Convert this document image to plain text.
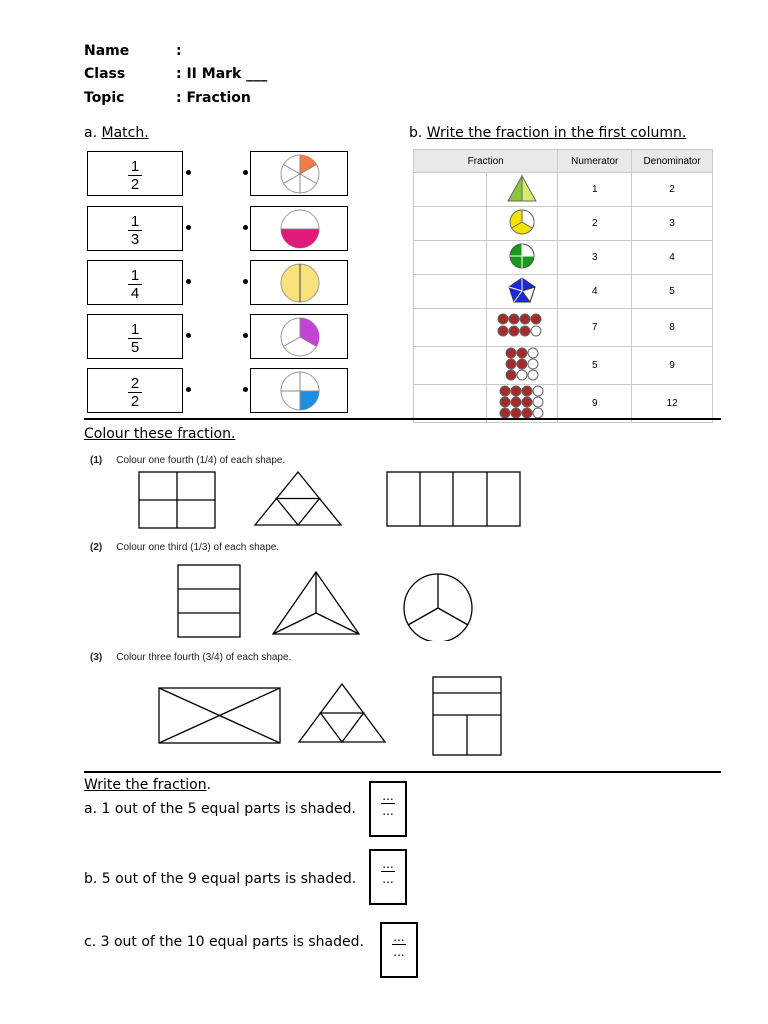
Name	:
Class	: II Mark ___
Topic	: Fraction
a. Match.
1
2
1
3
1
4
1
5
2
2
b. Write the fraction in the first column.
Fraction		Numerator	Denominator
		1	2
		2	3
		3	4
		4	5
		7	8
		5	9
		9	12
Colour these fraction.
(1) Colour one fourth (1/4) of each shape.
(2) Colour one third (1/3) of each shape.
(3) Colour three fourth (3/4) of each shape.
Write the fraction.
a. 1 out of the 5 equal parts is shaded.
...
...
b. 5 out of the 9 equal parts is shaded.
...
...
c. 3 out of the 10 equal parts is shaded.	...
...
